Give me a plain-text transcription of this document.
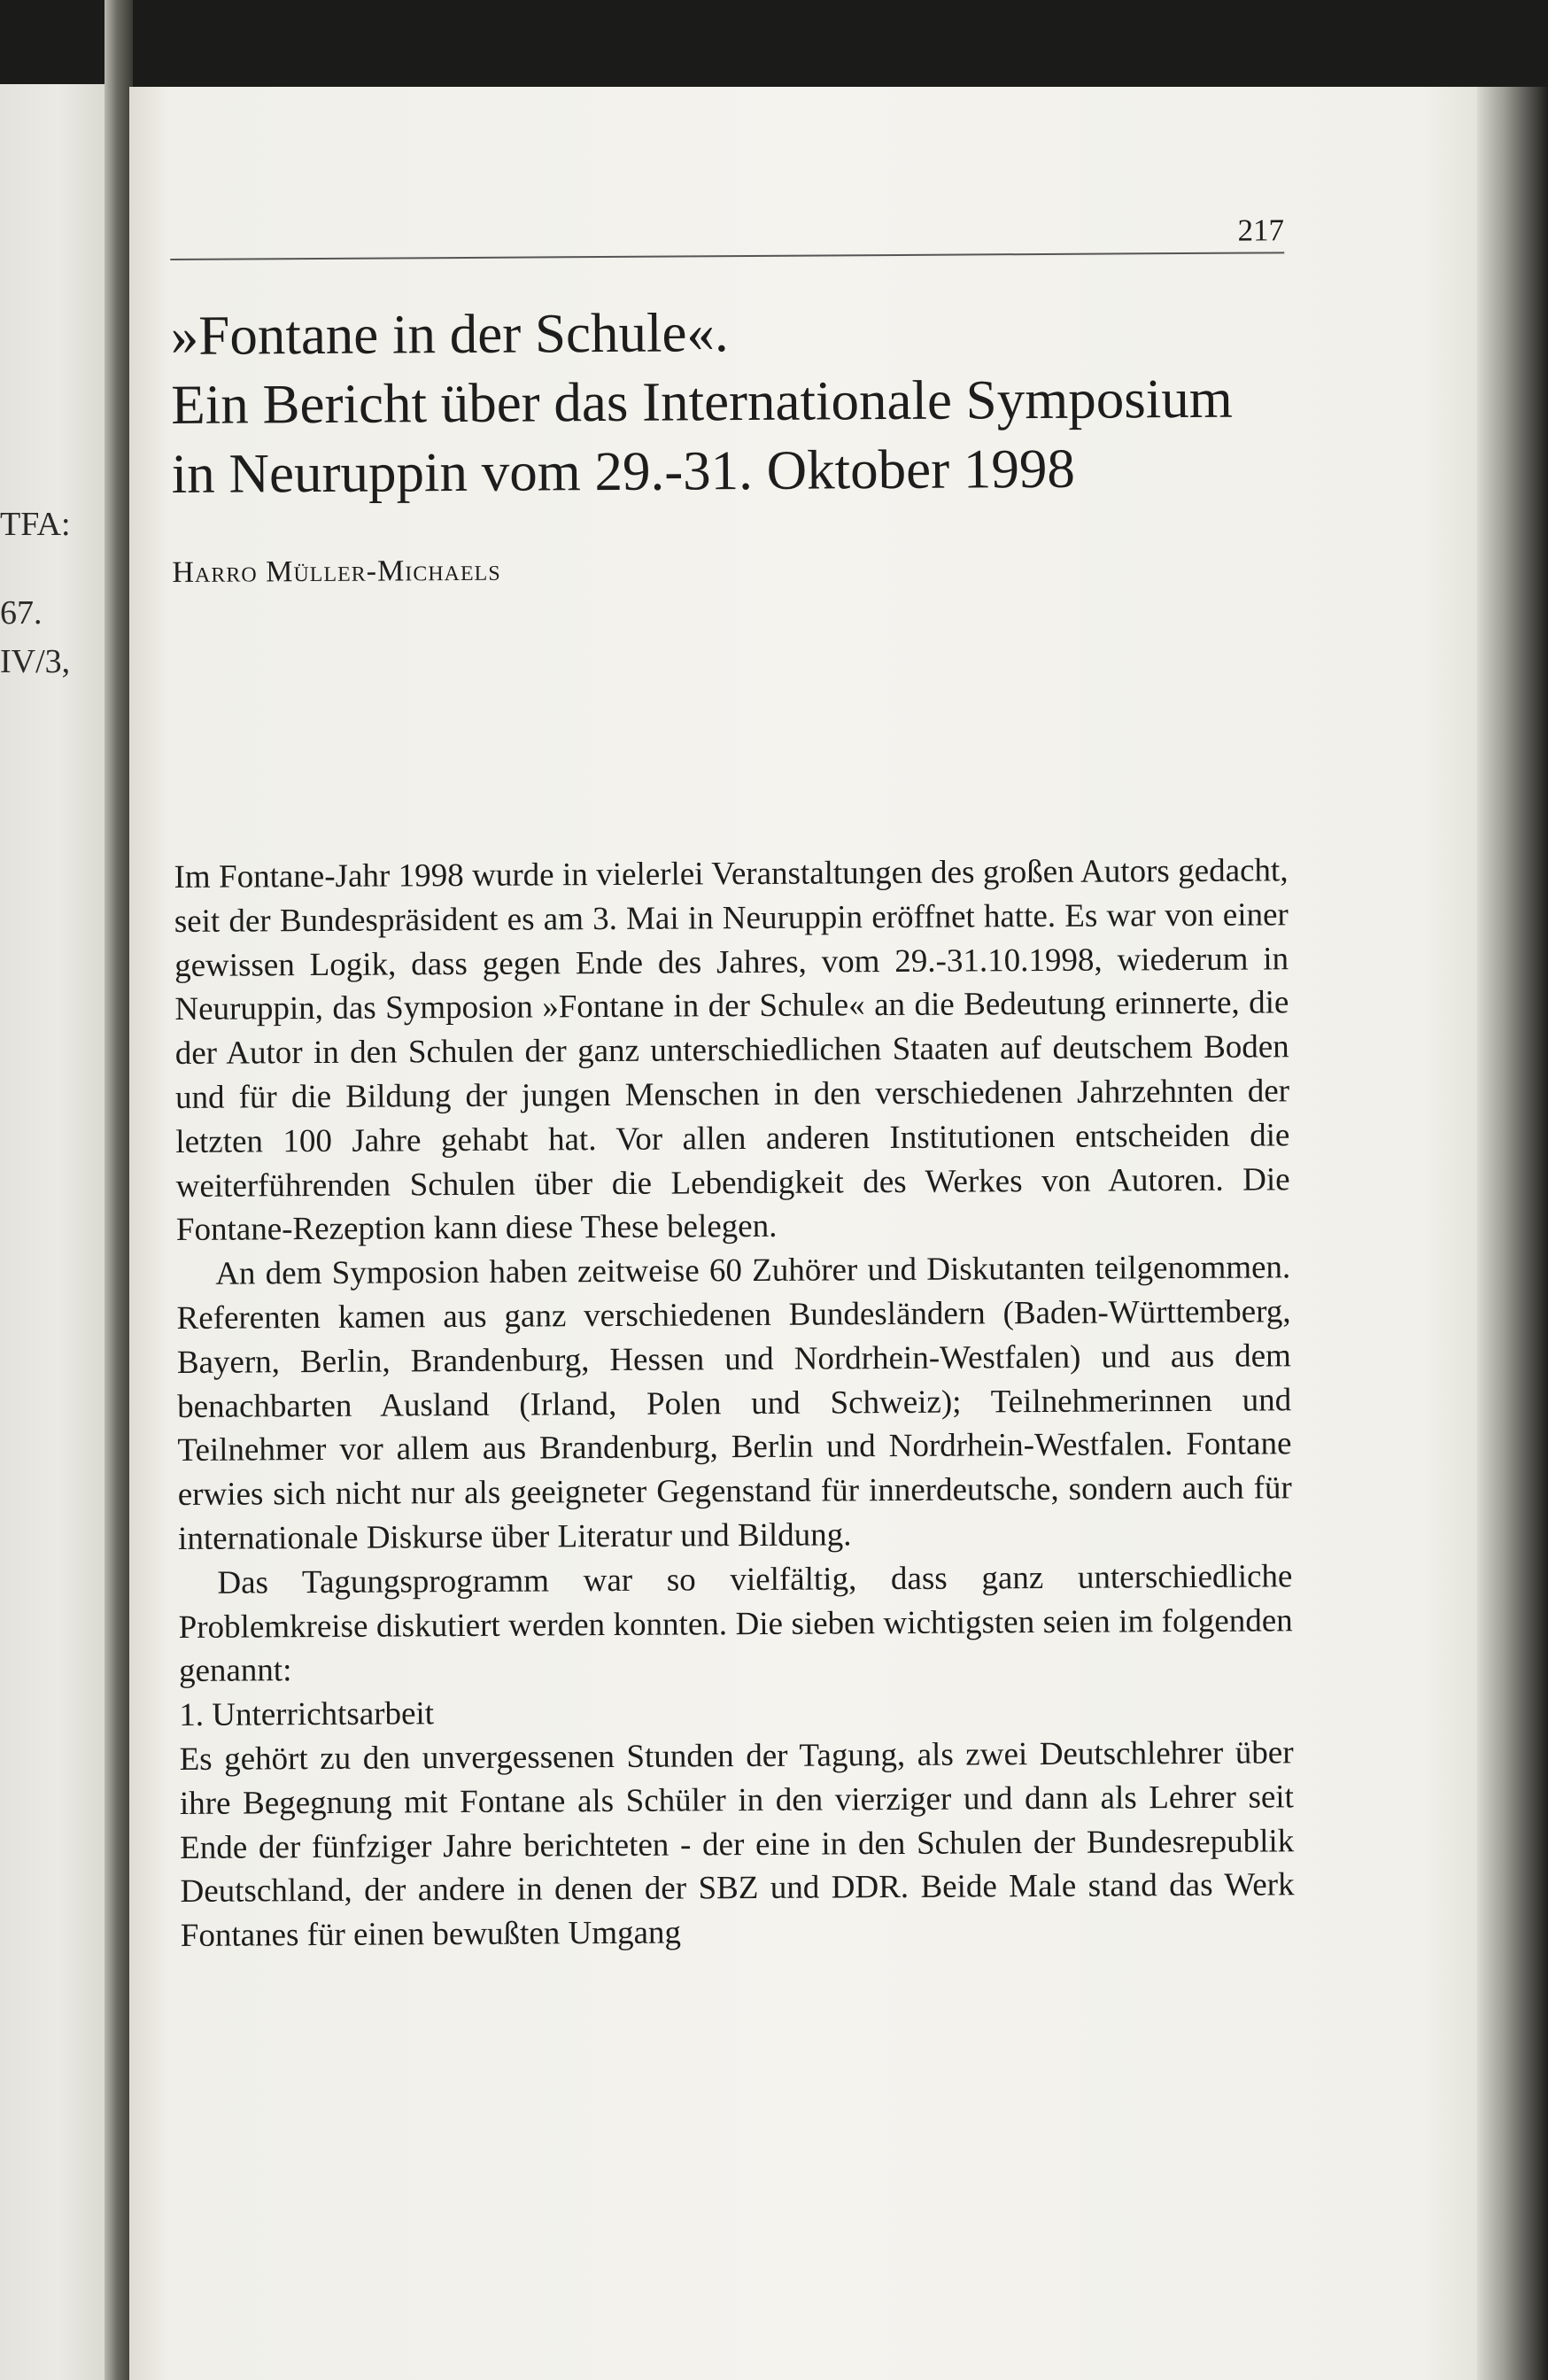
TFA:
67.
IV/3,
217
»Fontane in der Schule«.
Ein Bericht über das Internationale Symposium
in Neuruppin vom 29.-31. Oktober 1998
Harro Müller-Michaels

Im Fontane-Jahr 1998 wurde in vielerlei Veranstaltungen des großen Autors gedacht, seit der Bundespräsident es am 3. Mai in Neuruppin eröffnet hatte. Es war von einer gewissen Logik, dass gegen Ende des Jahres, vom 29.-31.10.1998, wiederum in Neuruppin, das Symposion »Fontane in der Schule« an die Bedeutung erinnerte, die der Autor in den Schulen der ganz unterschiedlichen Staaten auf deutschem Boden und für die Bildung der jungen Menschen in den verschiedenen Jahrzehnten der letzten 100 Jahre gehabt hat. Vor allen anderen Institutionen entscheiden die weiterführenden Schulen über die Lebendigkeit des Werkes von Autoren. Die Fontane-Rezeption kann diese These belegen.

An dem Symposion haben zeitweise 60 Zuhörer und Diskutanten teilgenommen. Referenten kamen aus ganz verschiedenen Bundesländern (Baden-Württemberg, Bayern, Berlin, Brandenburg, Hessen und Nordrhein-Westfalen) und aus dem benachbarten Ausland (Irland, Polen und Schweiz); Teilnehmerinnen und Teilnehmer vor allem aus Brandenburg, Berlin und Nordrhein-Westfalen. Fontane erwies sich nicht nur als geeigneter Gegenstand für innerdeutsche, sondern auch für internationale Diskurse über Literatur und Bildung.

Das Tagungsprogramm war so vielfältig, dass ganz unterschiedliche Problemkreise diskutiert werden konnten. Die sieben wichtigsten seien im folgenden genannt:

1. Unterrichtsarbeit

Es gehört zu den unvergessenen Stunden der Tagung, als zwei Deutschlehrer über ihre Begegnung mit Fontane als Schüler in den vierziger und dann als Lehrer seit Ende der fünfziger Jahre berichteten - der eine in den Schulen der Bundesrepublik Deutschland, der andere in denen der SBZ und DDR. Beide Male stand das Werk Fontanes für einen bewußten Umgang
